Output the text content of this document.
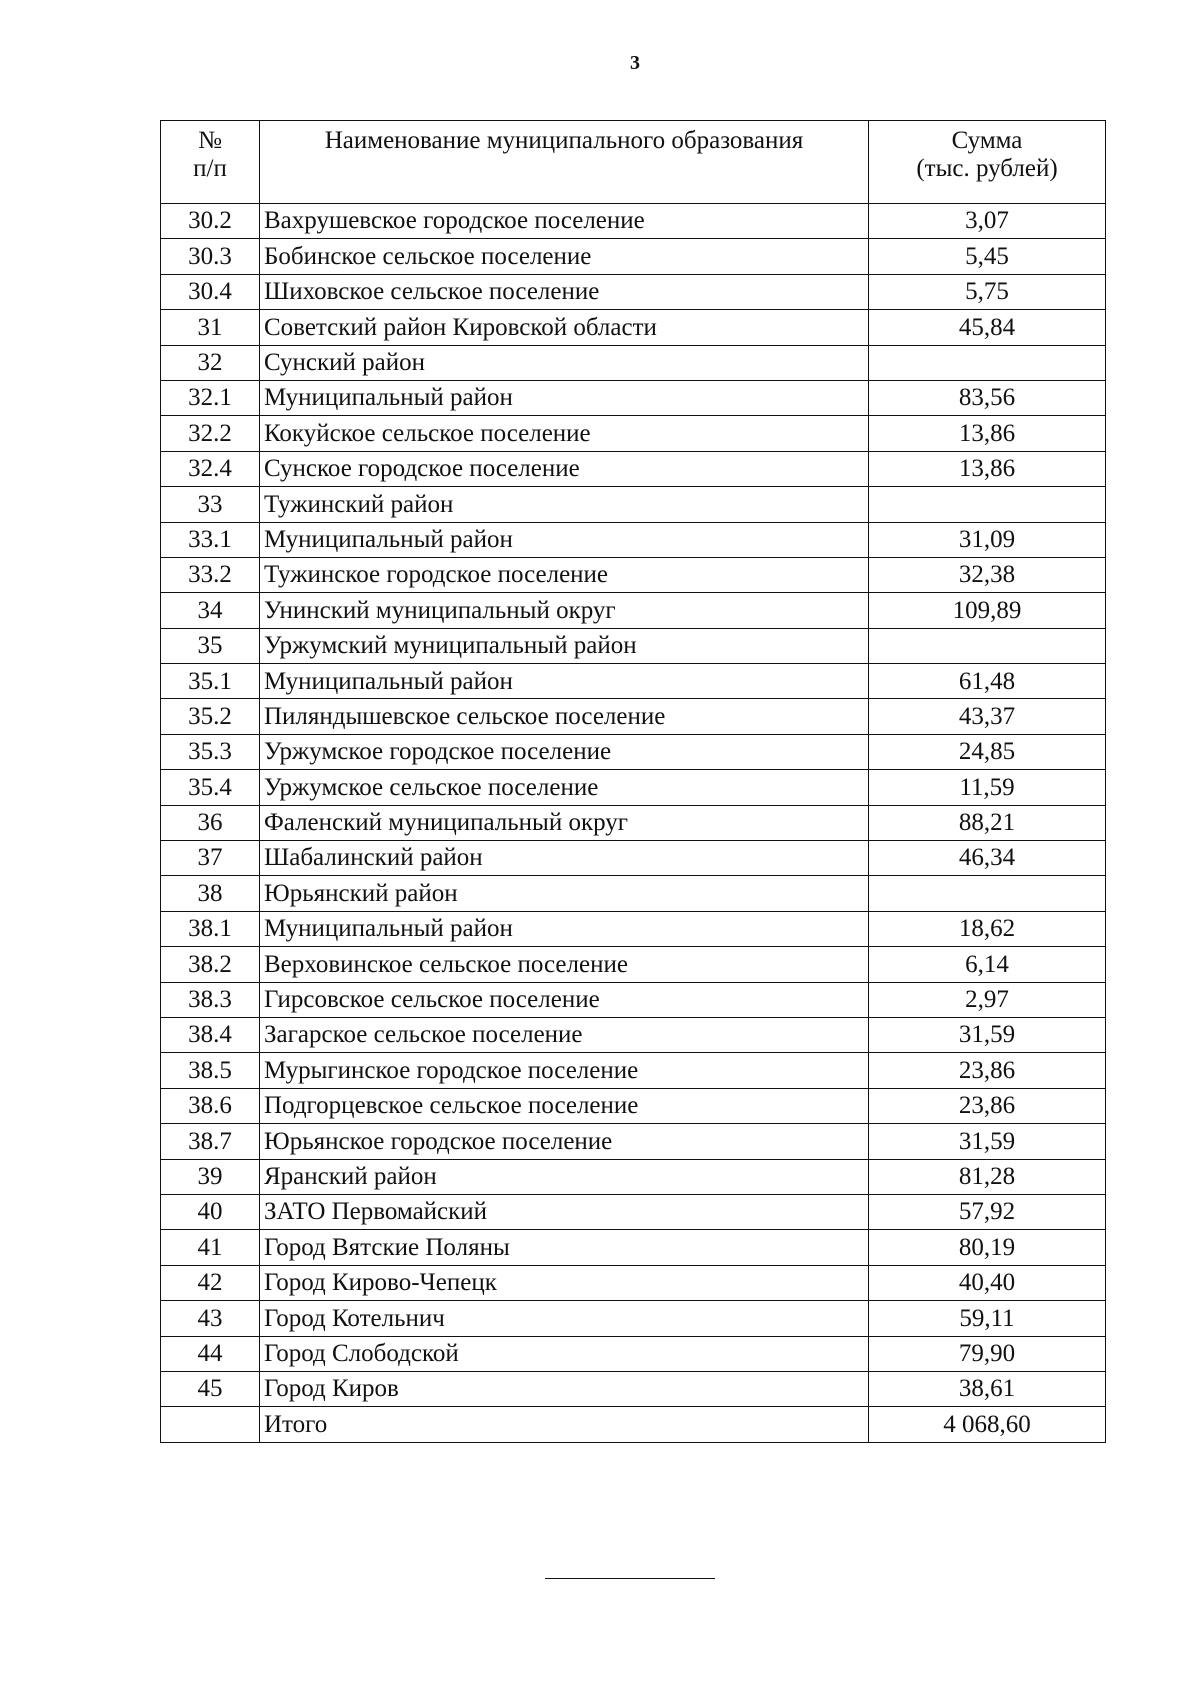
3
№
п/п	Наименование муниципального образования	Сумма
(тыс. рублей)

30.2	Вахрушевское городское поселение	3,07
30.3	Бобинское сельское поселение	5,45
30.4	Шиховское сельское поселение	5,75
31	Советский район Кировской области	45,84
32	Сунский район	
32.1	Муниципальный район	83,56
32.2	Кокуйское сельское поселение	13,86
32.4	Сунское городское поселение	13,86
33	Тужинский район	
33.1	Муниципальный район	31,09
33.2	Тужинское городское поселение	32,38
34	Унинский муниципальный округ	109,89
35	Уржумский муниципальный район	
35.1	Муниципальный район	61,48
35.2	Пиляндышевское сельское поселение	43,37
35.3	Уржумское городское поселение	24,85
35.4	Уржумское сельское поселение	11,59
36	Фаленский муниципальный округ	88,21
37	Шабалинский район	46,34
38	Юрьянский район	
38.1	Муниципальный район	18,62
38.2	Верховинское сельское поселение	6,14
38.3	Гирсовское сельское поселение	2,97
38.4	Загарское сельское поселение	31,59
38.5	Мурыгинское городское поселение	23,86
38.6	Подгорцевское сельское поселение	23,86
38.7	Юрьянское городское поселение	31,59
39	Яранский район	81,28
40	ЗАТО Первомайский	57,92
41	Город Вятские Поляны	80,19
42	Город Кирово-Чепецк	40,40
43	Город Котельнич	59,11
44	Город Слободской	79,90
45	Город Киров	38,61
	Итого	4 068,60
